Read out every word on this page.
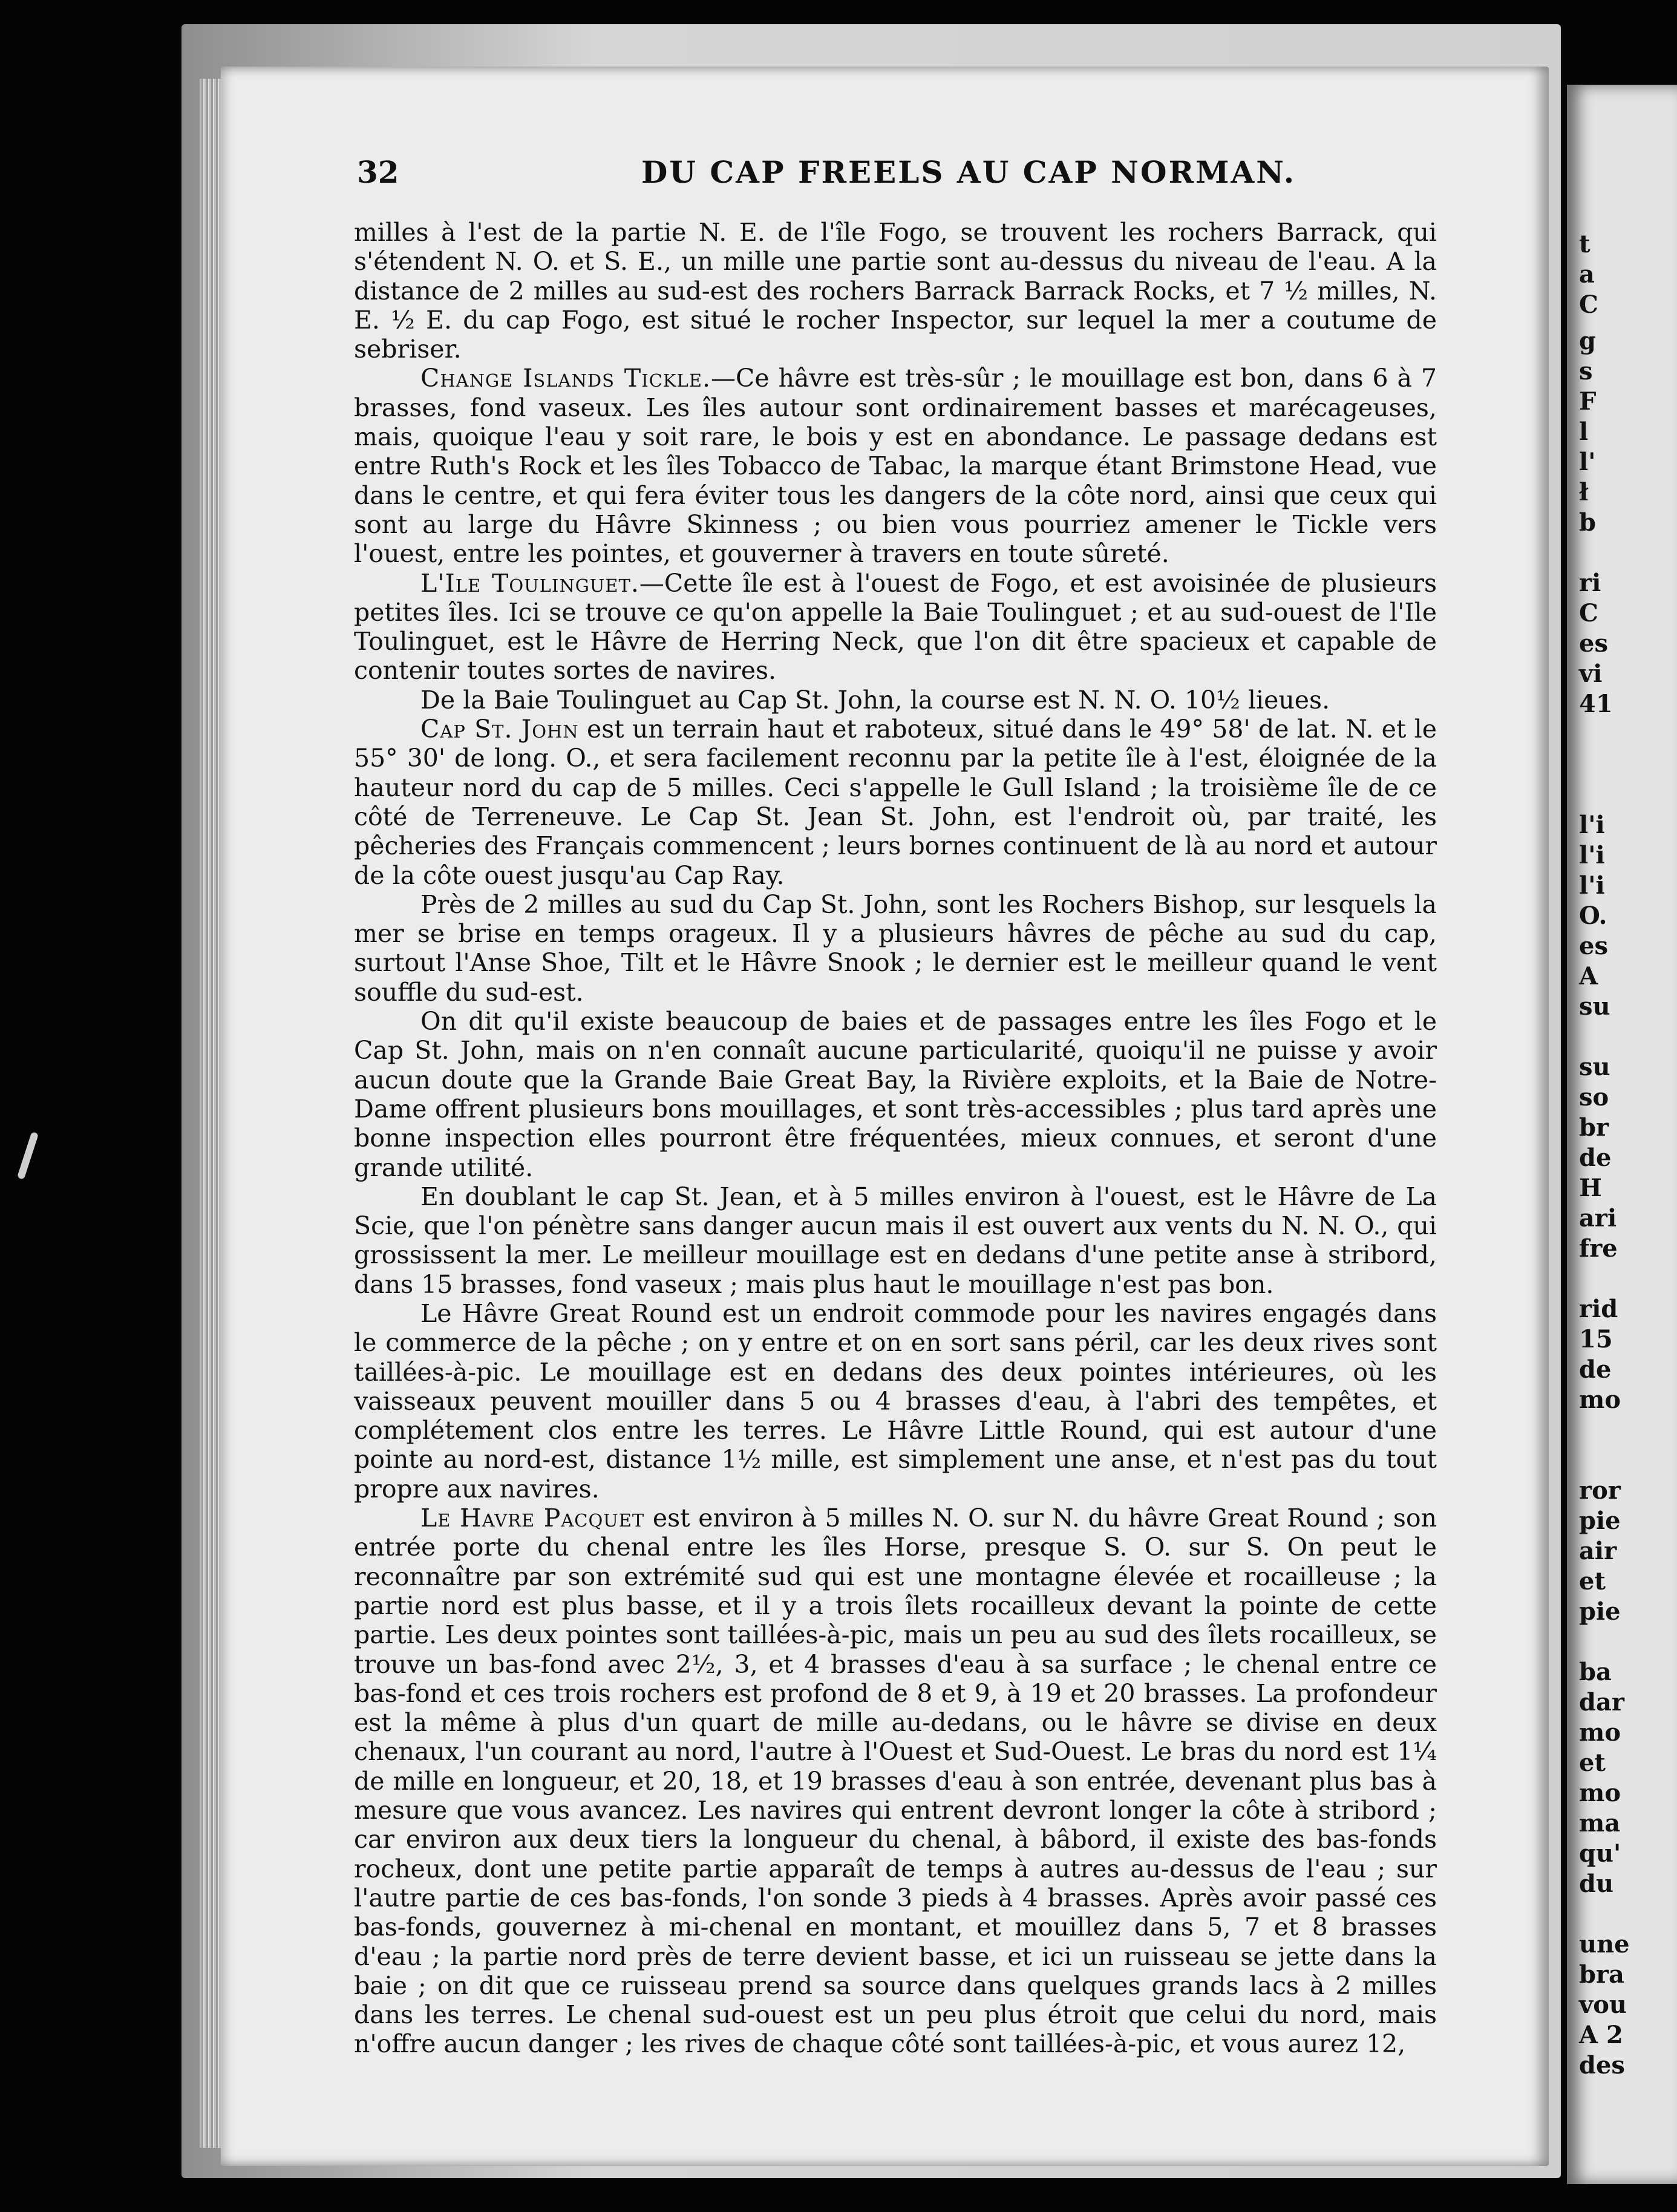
32	DU CAP FREELS AU CAP NORMAN.

milles à l'est de la partie N. E. de l'île Fogo, se trouvent les rochers Barrack, qui s'étendent N. O. et S. E., un mille une partie sont au-dessus du niveau de l'eau. A la distance de 2 milles au sud-est des rochers Barrack Barrack Rocks, et 7 ½ milles, N. E. ½ E. du cap Fogo, est situé le rocher Inspector, sur lequel la mer a coutume de sebriser.

Change Islands Tickle.—Ce hâvre est très-sûr ; le mouillage est bon, dans 6 à 7 brasses, fond vaseux. Les îles autour sont ordinairement basses et marécageuses, mais, quoique l'eau y soit rare, le bois y est en abondance. Le passage dedans est entre Ruth's Rock et les îles Tobacco de Tabac, la marque étant Brimstone Head, vue dans le centre, et qui fera éviter tous les dangers de la côte nord, ainsi que ceux qui sont au large du Hâvre Skinness ; ou bien vous pourriez amener le Tickle vers l'ouest, entre les pointes, et gouverner à travers en toute sûreté.

L'Ile Toulinguet.—Cette île est à l'ouest de Fogo, et est avoisinée de plusieurs petites îles. Ici se trouve ce qu'on appelle la Baie Toulinguet ; et au sud-ouest de l'Ile Toulinguet, est le Hâvre de Herring Neck, que l'on dit être spacieux et capable de contenir toutes sortes de navires.

De la Baie Toulinguet au Cap St. John, la course est N. N. O. 10½ lieues.

Cap St. John est un terrain haut et raboteux, situé dans le 49° 58' de lat. N. et le 55° 30' de long. O., et sera facilement reconnu par la petite île à l'est, éloignée de la hauteur nord du cap de 5 milles. Ceci s'appelle le Gull Island ; la troisième île de ce côté de Terreneuve. Le Cap St. Jean St. John, est l'endroit où, par traité, les pêcheries des Français commencent ; leurs bornes continuent de là au nord et autour de la côte ouest jusqu'au Cap Ray.

Près de 2 milles au sud du Cap St. John, sont les Rochers Bishop, sur lesquels la mer se brise en temps orageux. Il y a plusieurs hâvres de pêche au sud du cap, surtout l'Anse Shoe, Tilt et le Hâvre Snook ; le dernier est le meilleur quand le vent souffle du sud-est.

On dit qu'il existe beaucoup de baies et de passages entre les îles Fogo et le Cap St. John, mais on n'en connaît aucune particularité, quoiqu'il ne puisse y avoir aucun doute que la Grande Baie Great Bay, la Rivière exploits, et la Baie de Notre-Dame offrent plusieurs bons mouillages, et sont très-accessibles ; plus tard après une bonne inspection elles pourront être fréquentées, mieux connues, et seront d'une grande utilité.

En doublant le cap St. Jean, et à 5 milles environ à l'ouest, est le Hâvre de La Scie, que l'on pénètre sans danger aucun mais il est ouvert aux vents du N. N. O., qui grossissent la mer. Le meilleur mouillage est en dedans d'une petite anse à stribord, dans 15 brasses, fond vaseux ; mais plus haut le mouillage n'est pas bon.

Le Hâvre Great Round est un endroit commode pour les navires engagés dans le commerce de la pêche ; on y entre et on en sort sans péril, car les deux rives sont taillées-à-pic. Le mouillage est en dedans des deux pointes intérieures, où les vaisseaux peuvent mouiller dans 5 ou 4 brasses d'eau, à l'abri des tempêtes, et complétement clos entre les terres. Le Hâvre Little Round, qui est autour d'une pointe au nord-est, distance 1½ mille, est simplement une anse, et n'est pas du tout propre aux navires.

Le Havre Pacquet est environ à 5 milles N. O. sur N. du hâvre Great Round ; son entrée porte du chenal entre les îles Horse, presque S. O. sur S. On peut le reconnaître par son extrémité sud qui est une montagne élevée et rocailleuse ; la partie nord est plus basse, et il y a trois îlets rocailleux devant la pointe de cette partie. Les deux pointes sont taillées-à-pic, mais un peu au sud des îlets rocailleux, se trouve un bas-fond avec 2½, 3, et 4 brasses d'eau à sa surface ; le chenal entre ce bas-fond et ces trois rochers est profond de 8 et 9, à 19 et 20 brasses. La profondeur est la même à plus d'un quart de mille au-dedans, ou le hâvre se divise en deux chenaux, l'un courant au nord, l'autre à l'Ouest et Sud-Ouest. Le bras du nord est 1¼ de mille en longueur, et 20, 18, et 19 brasses d'eau à son entrée, devenant plus bas à mesure que vous avancez. Les navires qui entrent devront longer la côte à stribord ; car environ aux deux tiers la longueur du chenal, à bâbord, il existe des bas-fonds rocheux, dont une petite partie apparaît de temps à autres au-dessus de l'eau ; sur l'autre partie de ces bas-fonds, l'on sonde 3 pieds à 4 brasses. Après avoir passé ces bas-fonds, gouvernez à mi-chenal en montant, et mouillez dans 5, 7 et 8 brasses d'eau ; la partie nord près de terre devient basse, et ici un ruisseau se jette dans la baie ; on dit que ce ruisseau prend sa source dans quelques grands lacs à 2 milles dans les terres. Le chenal sud-ouest est un peu plus étroit que celui du nord, mais n'offre aucun danger ; les rives de chaque côté sont taillées-à-pic, et vous aurez 12,

t
a
C
g
s
F
l
l'
ł
b
ri
C
es
vi
41
l'i
l'i
l'i
O.
es
A
su
su
so
br
de
H
ari
fre
rid
15
de
mo
ror
pie
air
et
pie
ba
dar
mo
et
mo
ma
qu'
du
une
bra
vou
A 2
des
